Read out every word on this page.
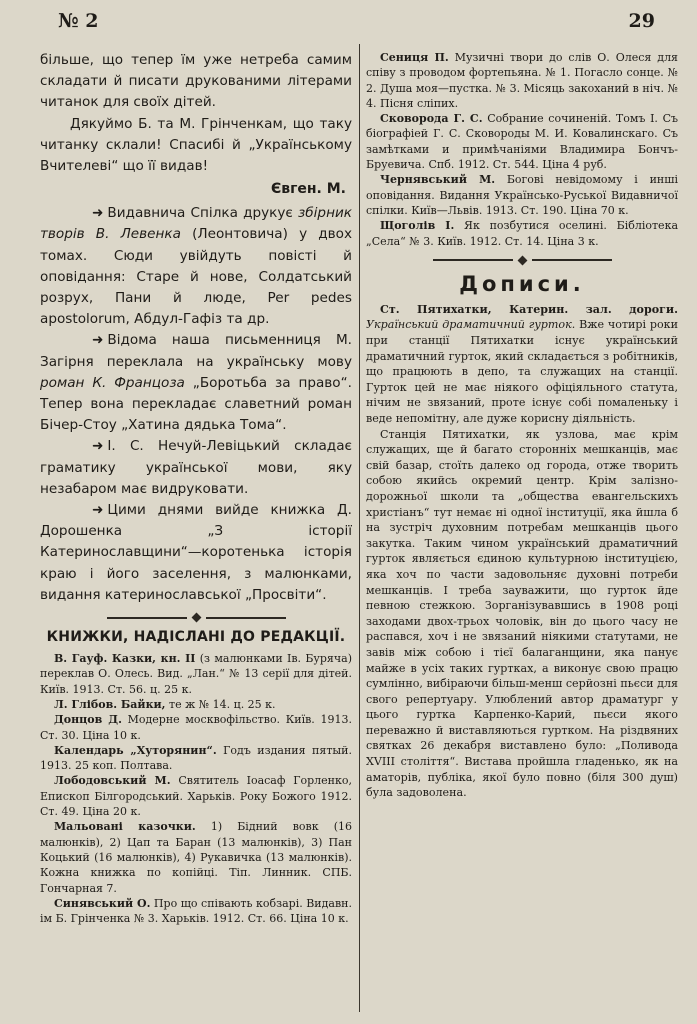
№ 2	29

більше, що тепер їм уже нетреба самим складати й писати друкованими літерами читанок для своїх дітей.

Дякуймо Б. та М. Грінченкам, що таку читанку склали! Спасибі й „Українському Вчителеві“ що її видав!

Євген. М.

➜ Видавнича Спілка друкує збірник творів В. Левенка (Леонтовича) у двох томах. Сюди увійдуть повісті й оповідання: Старе й нове, Солдатський розрух, Пани й люде, Per pedes apostolorum, Абдул-Гафіз та др.

➜ Відома наша письменниця М. Загірня переклала на українську мову роман К. Францоза „Боротьба за право“. Тепер вона перекладає славетний роман Бічер-Стоу „Хатина дядька Тома“.

➜ І. С. Нечуй-Левіцький складає граматику української мови, яку незабаром має видруковати.

➜ Цими днями вийде книжка Д. Дорошенка „З історії Катеринославщини“—коротенька історія краю і його заселення, з малюнками, видання катеринославської „Просвіти“.

КНИЖКИ, НАДІСЛАНІ ДО РЕДАКЦІЇ.

В. Гауф. Казки, кн. II (з малюнками Ів. Буряча) переклав О. Олесь. Вид. „Лан.“ № 13 серії для дітей. Київ. 1913. Ст. 56. ц. 25 к.

Л. Глібов. Байки, те ж № 14. ц. 25 к.

Донцов Д. Модерне москвофільство. Київ. 1913. Ст. 30. Ціна 10 к.

Календарь „Хуторянин“. Годъ издания пятый. 1913. 25 коп. Полтава.

Лободовський М. Святитель Іоасаф Горленко, Епископ Білгородський. Харьків. Року Божого 1912. Ст. 49. Ціна 20 к.

Мальовані казочки. 1) Бідний вовк (16 малюнків), 2) Цап та Баран (13 малюнків), 3) Пан Коцький (16 малюнків), 4) Рукавичка (13 малюнків). Кожна книжка по копійці. Тіп. Линник. СПБ. Гончарная 7.

Синявський О. Про що співають кобзарі. Видавн. ім Б. Грінченка № 3. Харьків. 1912. Ст. 66. Ціна 10 к.

Сениця П. Музичні твори до слів О. Олеся для співу з проводом фортепьяна. № 1. Погасло сонце. № 2. Душа моя—пустка. № 3. Місяць закоханий в ніч. № 4. Пісня сліпих.

Сковорода Г. С. Собрание сочиненій. Томъ І. Съ біографіей Г. С. Сковороды М. И. Ковалинскаго. Съ замѣтками и примѣчаніями Владимира Бончъ-Бруевича. Спб. 1912. Ст. 544. Ціна 4 руб.

Чернявський М. Богові невідомому і инші оповідання. Видання Українсько-Руської Видавничої спілки. Київ—Львів. 1913. Ст. 190. Ціна 70 к.

Щоголів І. Як позбутися оселині. Бібліотека „Села“ № 3. Київ. 1912. Ст. 14. Ціна 3 к.

Дописи.

Ст. Пятихатки, Катерин. зал. дороги. Український драматичний гурток. Вже чотирі роки при станції Пятихатки існує український драматичний гурток, який складається з робітників, що працюють в депо, та служащих на станції. Гурток цей не має ніякого офіціяльного статута, нічим не звязаний, проте існує собі помаленьку і веде непомітну, але дуже корисну діяльність.

Станція Пятихатки, як узлова, має крім служащих, ще й багато сторонніх мешканців, має свій базар, стоїть далеко од города, отже творить собою якийсь окремий центр. Крім залізно-дорожньої школи та „общества евангельскихъ христіанъ“ тут немає ні одної інституції, яка йшла б на зустріч духовним потребам мешканців цього закутка. Таким чином український драматичний гурток являється єдиною культурною інституцією, яка хоч по части задовольняє духовні потреби мешканців. І треба зауважити, що гурток йде певною стежкою. Зорганізувавшись в 1908 році заходами двох-трьох чоловік, він до цього часу не распався, хоч і не звязаний ніякими статутами, не завів між собою і тієї балаганщини, яка панує майже в усіх таких гуртках, а виконує свою працю сумлінно, вибіраючи більш-менш серйозні пьєси для свого репертуару. Улюблений автор драматург у цього гуртка Карпенко-Карий, пьєси якого переважно й виставляються гуртком. На різдвяних святках 26 декабря виставлено було: „Поливода XVIII століття“. Вистава пройшла гладенько, як на аматорів, публіка, якої було повно (біля 300 душ) була задоволена.
